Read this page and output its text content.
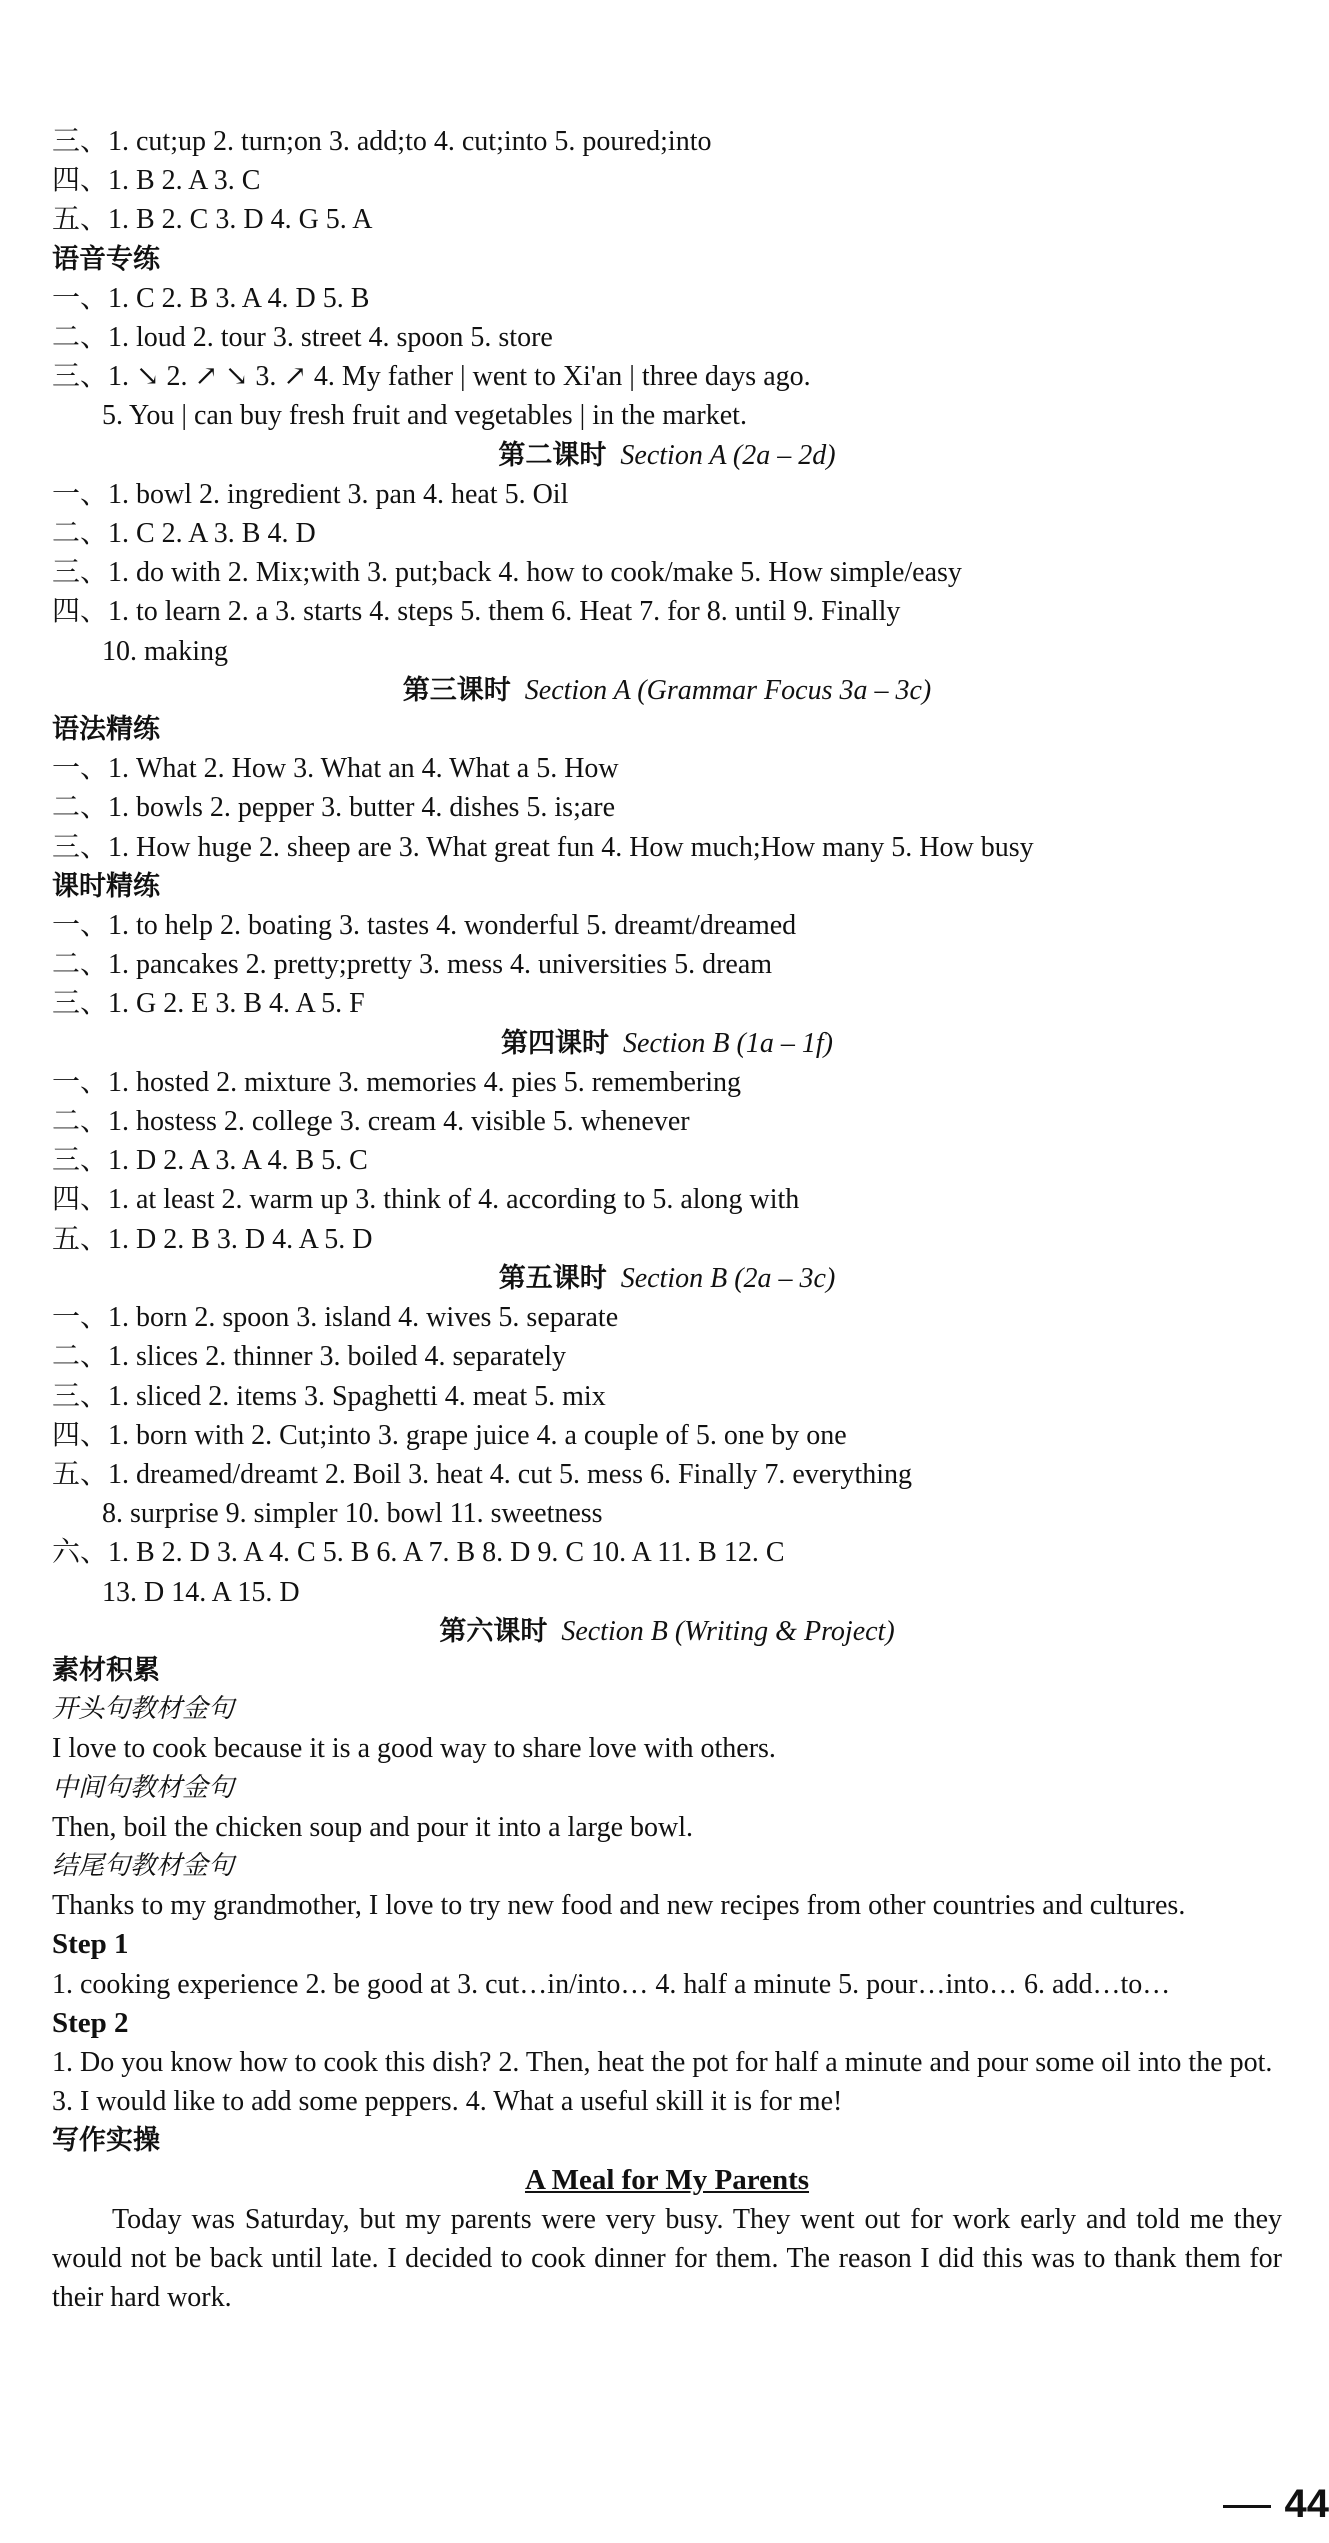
三、1. cut;up 2. turn;on 3. add;to 4. cut;into 5. poured;into
四、1. B 2. A 3. C
五、1. B 2. C 3. D 4. G 5. A
语音专练
一、1. C 2. B 3. A 4. D 5. B
二、1. loud 2. tour 3. street 4. spoon 5. store
三、1. ↘ 2. ↗ ↘ 3. ↗ 4. My father | went to Xi'an | three days ago.
5. You | can buy fresh fruit and vegetables | in the market.
第二课时 Section A (2a – 2d)
一、1. bowl 2. ingredient 3. pan 4. heat 5. Oil
二、1. C 2. A 3. B 4. D
三、1. do with 2. Mix;with 3. put;back 4. how to cook/make 5. How simple/easy
四、1. to learn 2. a 3. starts 4. steps 5. them 6. Heat 7. for 8. until 9. Finally
10. making
第三课时 Section A (Grammar Focus 3a – 3c)
语法精练
一、1. What 2. How 3. What an 4. What a 5. How
二、1. bowls 2. pepper 3. butter 4. dishes 5. is;are
三、1. How huge 2. sheep are 3. What great fun 4. How much;How many 5. How busy
课时精练
一、1. to help 2. boating 3. tastes 4. wonderful 5. dreamt/dreamed
二、1. pancakes 2. pretty;pretty 3. mess 4. universities 5. dream
三、1. G 2. E 3. B 4. A 5. F
第四课时 Section B (1a – 1f)
一、1. hosted 2. mixture 3. memories 4. pies 5. remembering
二、1. hostess 2. college 3. cream 4. visible 5. whenever
三、1. D 2. A 3. A 4. B 5. C
四、1. at least 2. warm up 3. think of 4. according to 5. along with
五、1. D 2. B 3. D 4. A 5. D
第五课时 Section B (2a – 3c)
一、1. born 2. spoon 3. island 4. wives 5. separate
二、1. slices 2. thinner 3. boiled 4. separately
三、1. sliced 2. items 3. Spaghetti 4. meat 5. mix
四、1. born with 2. Cut;into 3. grape juice 4. a couple of 5. one by one
五、1. dreamed/dreamt 2. Boil 3. heat 4. cut 5. mess 6. Finally 7. everything
8. surprise 9. simpler 10. bowl 11. sweetness
六、1. B 2. D 3. A 4. C 5. B 6. A 7. B 8. D 9. C 10. A 11. B 12. C
13. D 14. A 15. D
第六课时 Section B (Writing & Project)
素材积累
开头句教材金句
I love to cook because it is a good way to share love with others.
中间句教材金句
Then, boil the chicken soup and pour it into a large bowl.
结尾句教材金句
Thanks to my grandmother, I love to try new food and new recipes from other countries and cultures.
Step 1
1. cooking experience 2. be good at 3. cut…in/into… 4. half a minute 5. pour…into… 6. add…to…
Step 2
1. Do you know how to cook this dish? 2. Then, heat the pot for half a minute and pour some oil into the pot. 3. I would like to add some peppers. 4. What a useful skill it is for me!
写作实操
A Meal for My Parents
Today was Saturday, but my parents were very busy. They went out for work early and told me they would not be back until late. I decided to cook dinner for them. The reason I did this was to thank them for their hard work.
44
